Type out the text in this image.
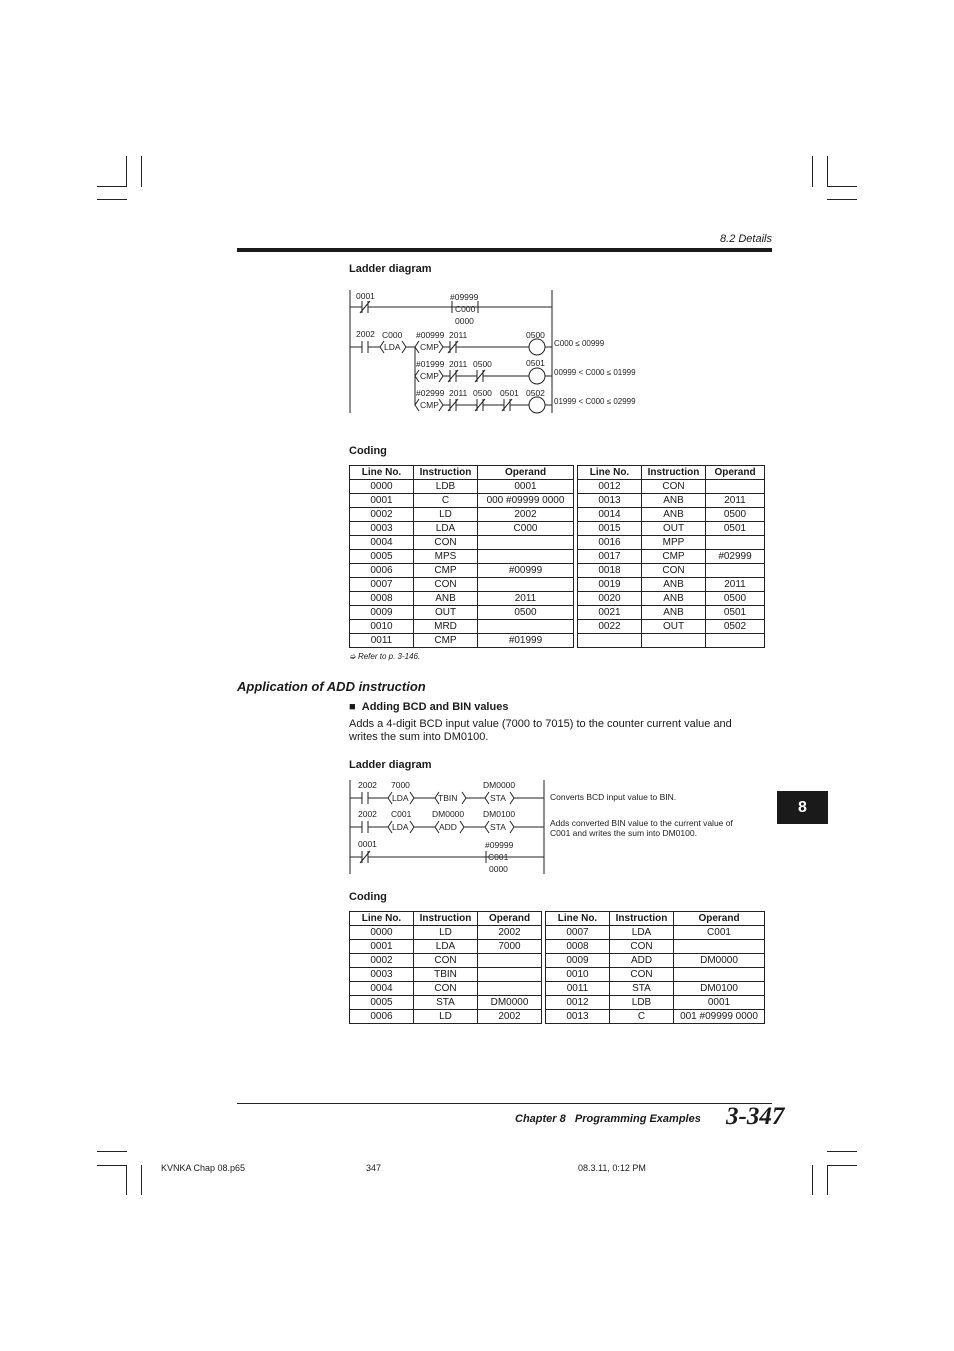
8.2 Details
Ladder diagram
0001	#09999
C000
0000
2002 C000
LDA
#00999
CMP
2011	0500
C000 ≤ 00999
#01999
CMP
2011 0500	0501
00999 < C000 ≤ 01999
#02999
CMP
2011 0500 0501 0502
01999 < C000 ≤ 02999
Coding
Line No.	Instruction	Operand		Line No.	Instruction	Operand
0000	LDB	0001		0012	CON	
0001	C	000 #09999 0000		0013	ANB	2011
0002	LD	2002		0014	ANB	0500
0003	LDA	C000		0015	OUT	0501
0004	CON			0016	MPP	
0005	MPS			0017	CMP	#02999
0006	CMP	#00999		0018	CON	
0007	CON			0019	ANB	2011
0008	ANB	2011		0020	ANB	0500
0009	OUT	0500		0021	ANB	0501
0010	MRD			0022	OUT	0502
0011	CMP	#01999				
➭ Refer to p. 3-146.
Application of ADD instruction
■  Adding BCD and BIN values
Adds a 4-digit BCD input value (7000 to 7015) to the counter current value and
writes the sum into DM0100.
Ladder diagram
2002 7000	DM0000
LDA	TBIN	STA
2002 C001 DM0000 DM0100
LDA	ADD	STA
0001	#09999
C001
0000
Converts BCD input value to BIN.
Adds converted BIN value to the current value of
C001 and writes the sum into DM0100.
8
Coding
Line No.	Instruction	Operand		Line No.	Instruction	Operand
0000	LD	2002		0007	LDA	C001
0001	LDA	7000		0008	CON	
0002	CON			0009	ADD	DM0000
0003	TBIN			0010	CON	
0004	CON			0011	STA	DM0100
0005	STA	DM0000		0012	LDB	0001
0006	LD	2002		0013	C	001 #09999 0000
Chapter 8   Programming Examples 3-347
KVNKA Chap 08.p65	347	08.3.11, 0:12 PM
